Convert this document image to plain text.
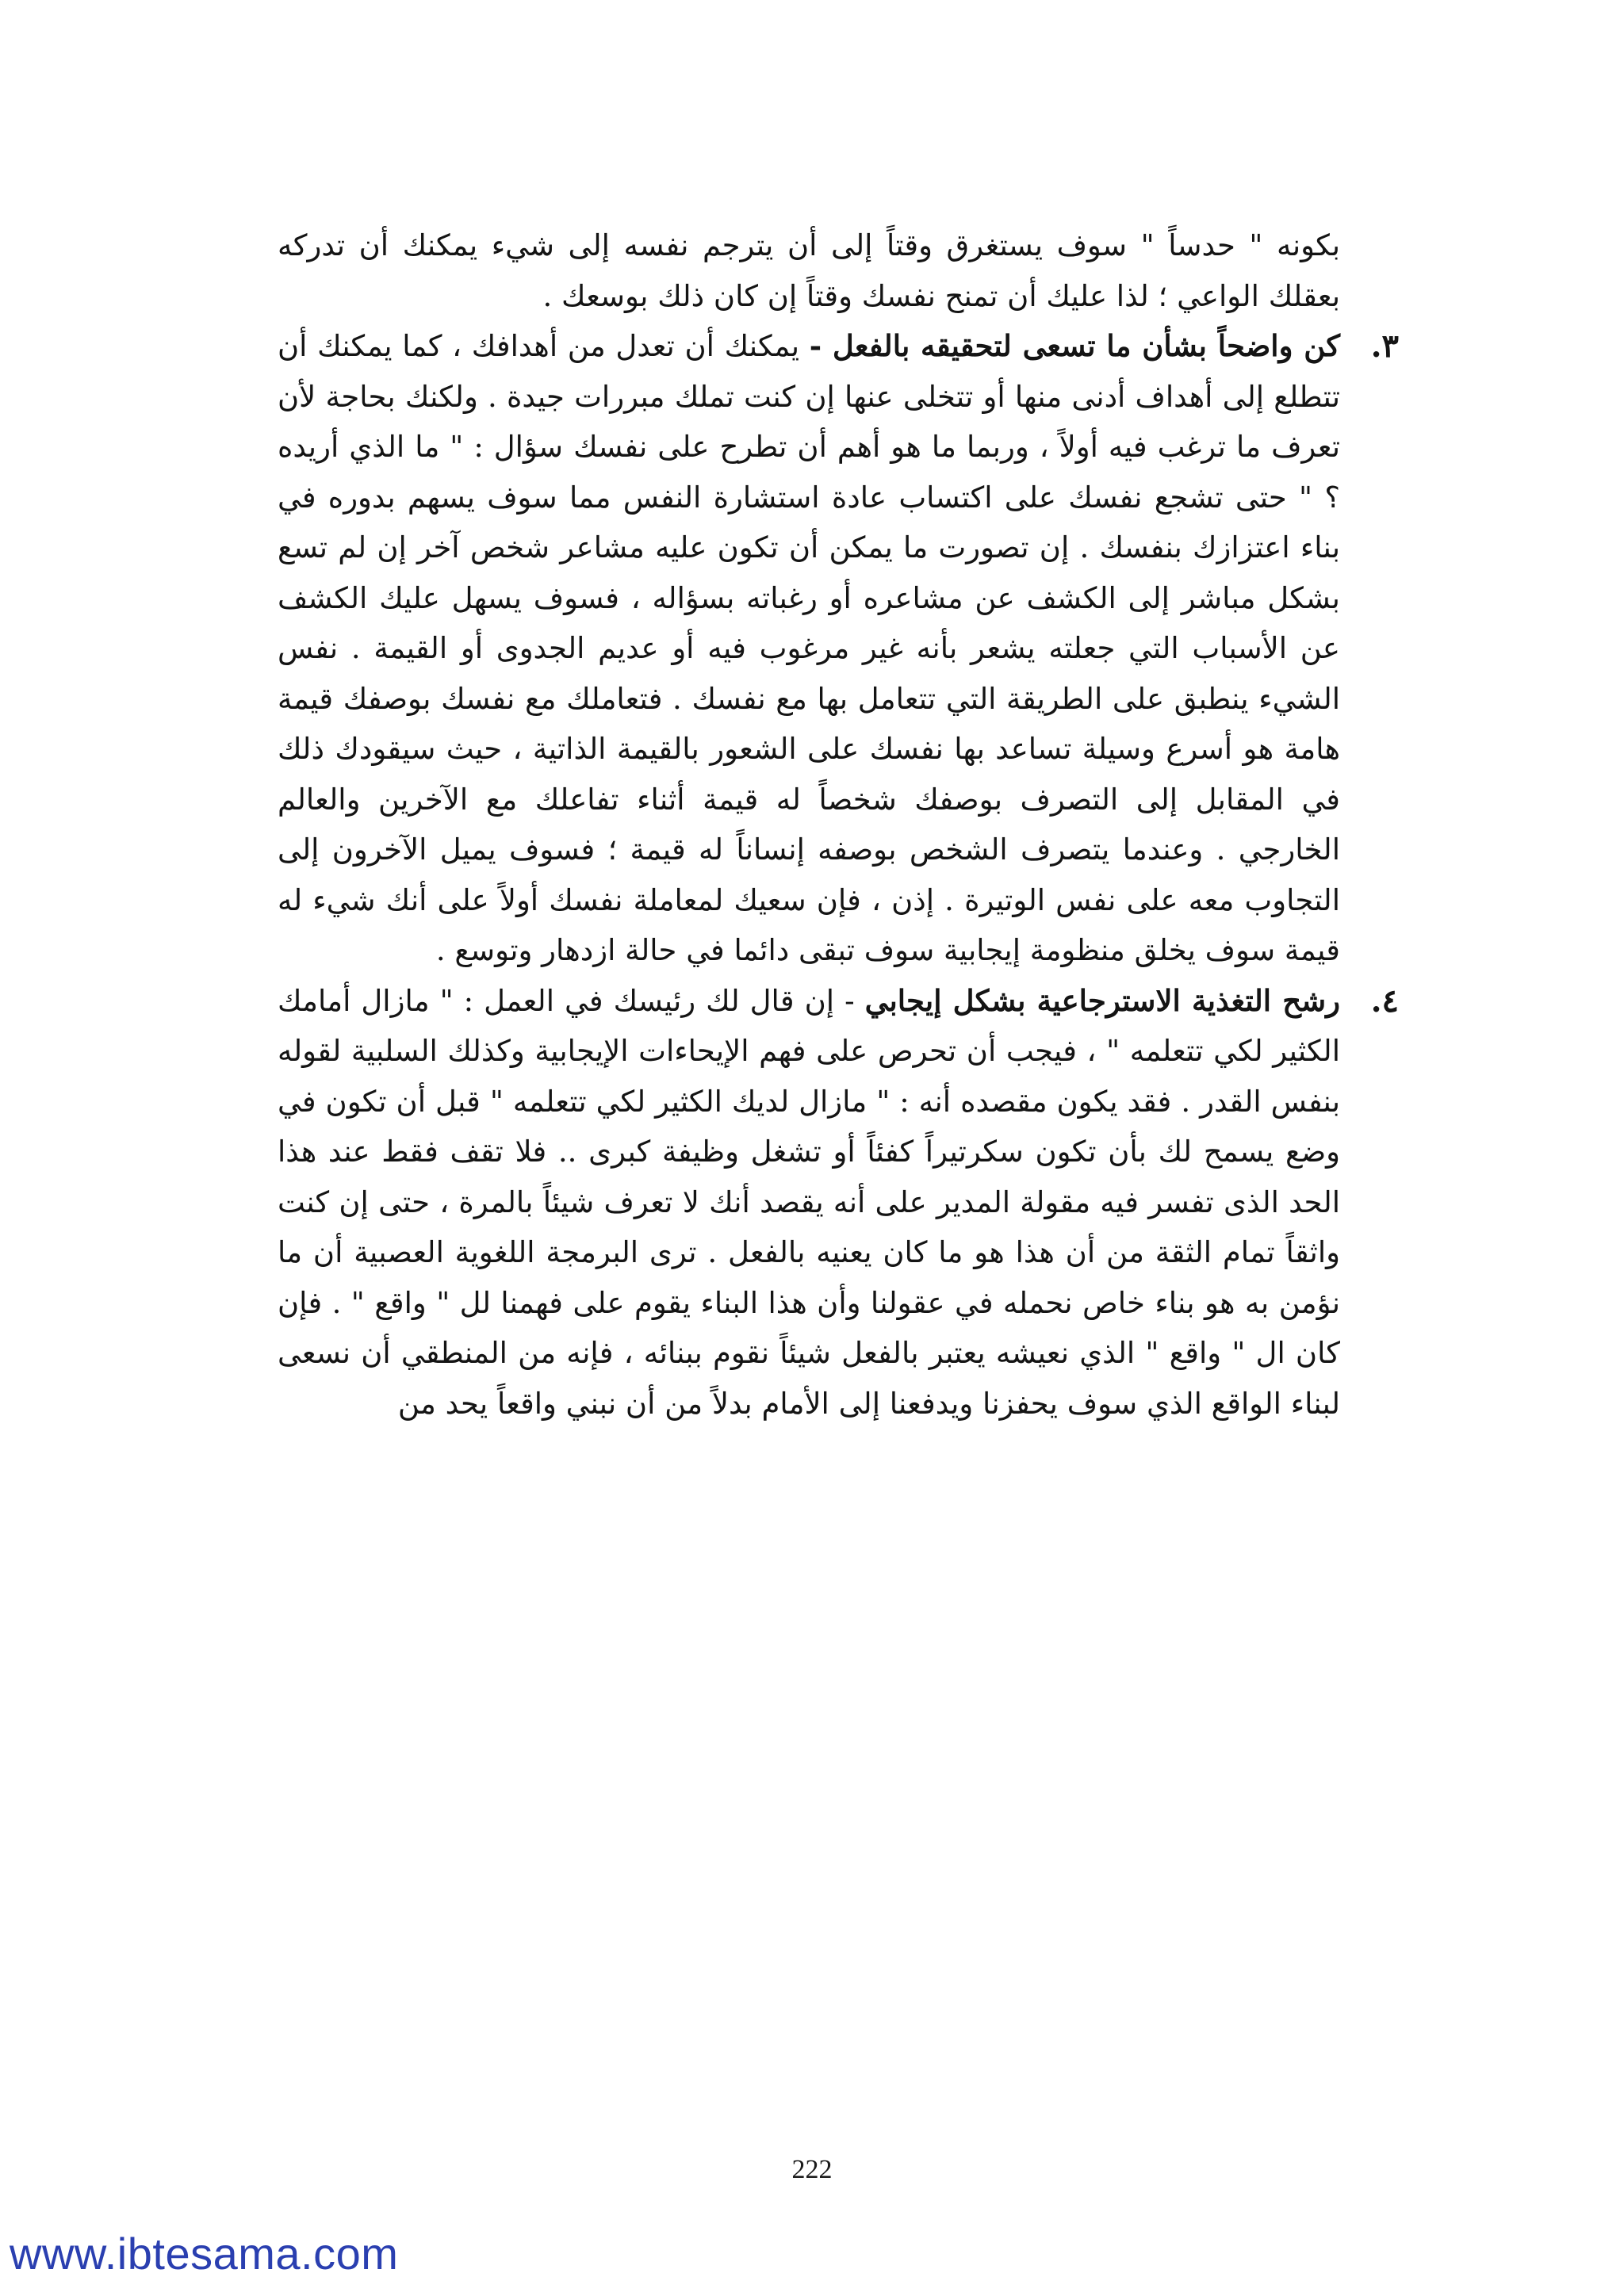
بكونه " حدساً " سوف يستغرق وقتاً إلى أن يترجم نفسه إلى شيء يمكنك أن تدركه بعقلك الواعي ؛ لذا عليك أن تمنح نفسك وقتاً إن كان ذلك بوسعك .

٣.
كن واضحاً بشأن ما تسعى لتحقيقه بالفعل - يمكنك أن تعدل من أهدافك ، كما يمكنك أن تتطلع إلى أهداف أدنى منها أو تتخلى عنها إن كنت تملك مبررات جيدة . ولكنك بحاجة لأن تعرف ما ترغب فيه أولاً ، وربما ما هو أهم أن تطرح على نفسك سؤال : " ما الذي أريده ؟ " حتى تشجع نفسك على اكتساب عادة استشارة النفس مما سوف يسهم بدوره في بناء اعتزازك بنفسك . إن تصورت ما يمكن أن تكون عليه مشاعر شخص آخر إن لم تسع بشكل مباشر إلى الكشف عن مشاعره أو رغباته بسؤاله ، فسوف يسهل عليك الكشف عن الأسباب التي جعلته يشعر بأنه غير مرغوب فيه أو عديم الجدوى أو القيمة . نفس الشيء ينطبق على الطريقة التي تتعامل بها مع نفسك . فتعاملك مع نفسك بوصفك قيمة هامة هو أسرع وسيلة تساعد بها نفسك على الشعور بالقيمة الذاتية ، حيث سيقودك ذلك في المقابل إلى التصرف بوصفك شخصاً له قيمة أثناء تفاعلك مع الآخرين والعالم الخارجي . وعندما يتصرف الشخص بوصفه إنساناً له قيمة ؛ فسوف يميل الآخرون إلى التجاوب معه على نفس الوتيرة . إذن ، فإن سعيك لمعاملة نفسك أولاً على أنك شيء له قيمة سوف يخلق منظومة إيجابية سوف تبقى دائما في حالة ازدهار وتوسع .
٤.
رشح التغذية الاسترجاعية بشكل إيجابي - إن قال لك رئيسك في العمل : " مازال أمامك الكثير لكي تتعلمه " ، فيجب أن تحرص على فهم الإيحاءات الإيجابية وكذلك السلبية لقوله بنفس القدر . فقد يكون مقصده أنه : " مازال لديك الكثير لكي تتعلمه " قبل أن تكون في وضع يسمح لك بأن تكون سكرتيراً كفئاً أو تشغل وظيفة كبرى .. فلا تقف فقط عند هذا الحد الذى تفسر فيه مقولة المدير على أنه يقصد أنك لا تعرف شيئاً بالمرة ، حتى إن كنت واثقاً تمام الثقة من أن هذا هو ما كان يعنيه بالفعل . ترى البرمجة اللغوية العصبية أن ما نؤمن به هو بناء خاص نحمله في عقولنا وأن هذا البناء يقوم على فهمنا لل " واقع " . فإن كان ال " واقع " الذي نعيشه يعتبر بالفعل شيئاً نقوم ببنائه ، فإنه من المنطقي أن نسعى لبناء الواقع الذي سوف يحفزنا ويدفعنا إلى الأمام بدلاً من أن نبني واقعاً يحد من
222
www.ibtesama.com
